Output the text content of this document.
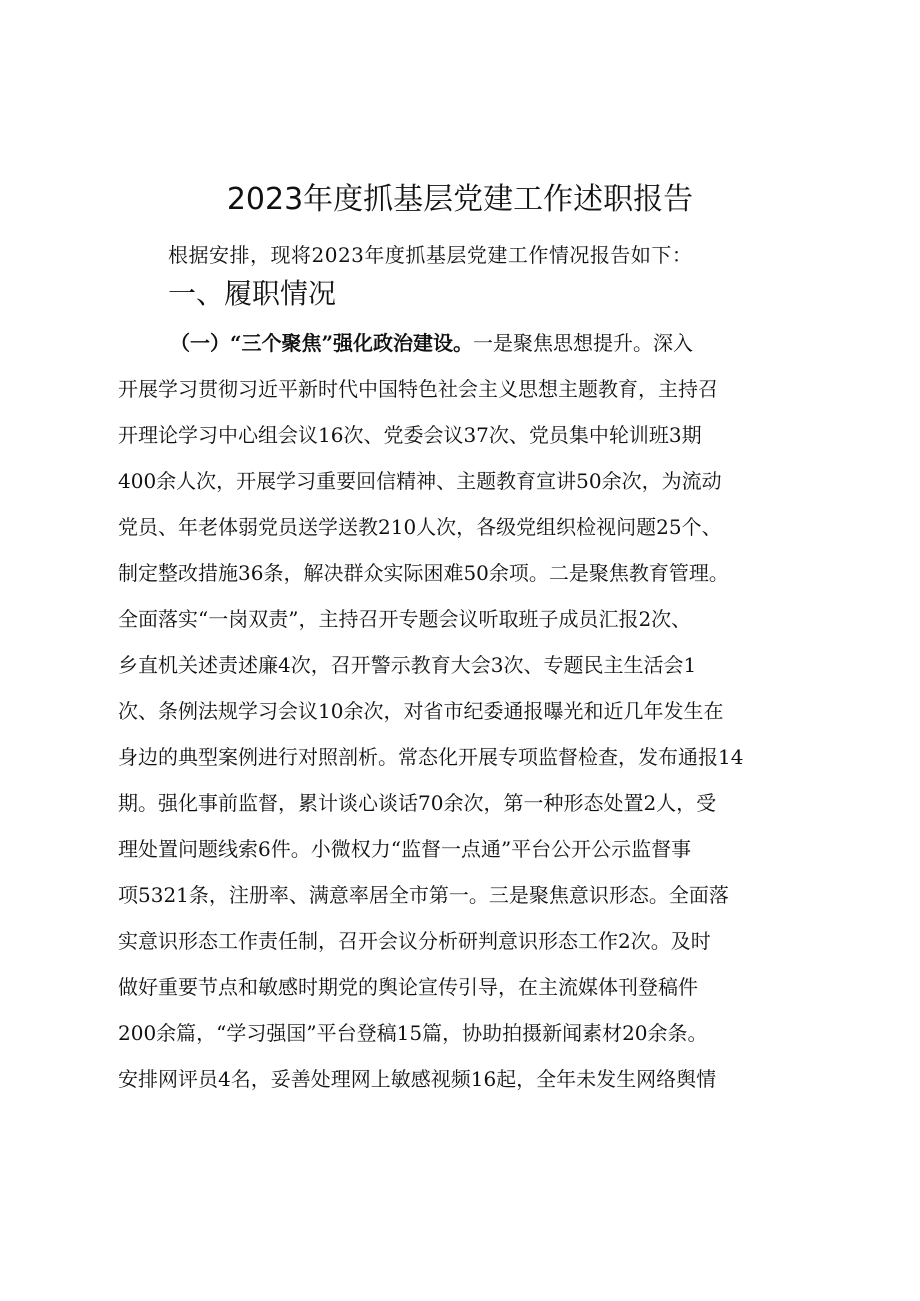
2023年度抓基层党建工作述职报告
根据安排，现将2023年度抓基层党建工作情况报告如下：
一、履职情况
（一）“三个聚焦”强化政治建设。一是聚焦思想提升。深入
开展学习贯彻习近平新时代中国特色社会主义思想主题教育，主持召
开理论学习中心组会议16次、党委会议37次、党员集中轮训班3期
400余人次，开展学习重要回信精神、主题教育宣讲50余次，为流动
党员、年老体弱党员送学送教210人次，各级党组织检视问题25个、
制定整改措施36条，解决群众实际困难50余项。二是聚焦教育管理。
全面落实“一岗双责”，主持召开专题会议听取班子成员汇报2次、
乡直机关述责述廉4次，召开警示教育大会3次、专题民主生活会1
次、条例法规学习会议10余次，对省市纪委通报曝光和近几年发生在
身边的典型案例进行对照剖析。常态化开展专项监督检查，发布通报14
期。强化事前监督，累计谈心谈话70余次，第一种形态处置2人，受
理处置问题线索6件。小微权力“监督一点通”平台公开公示监督事
项5321条，注册率、满意率居全市第一。三是聚焦意识形态。全面落
实意识形态工作责任制，召开会议分析研判意识形态工作2次。及时
做好重要节点和敏感时期党的舆论宣传引导，在主流媒体刊登稿件
200余篇，“学习强国”平台登稿15篇，协助拍摄新闻素材20余条。
安排网评员4名，妥善处理网上敏感视频16起，全年未发生网络舆情
